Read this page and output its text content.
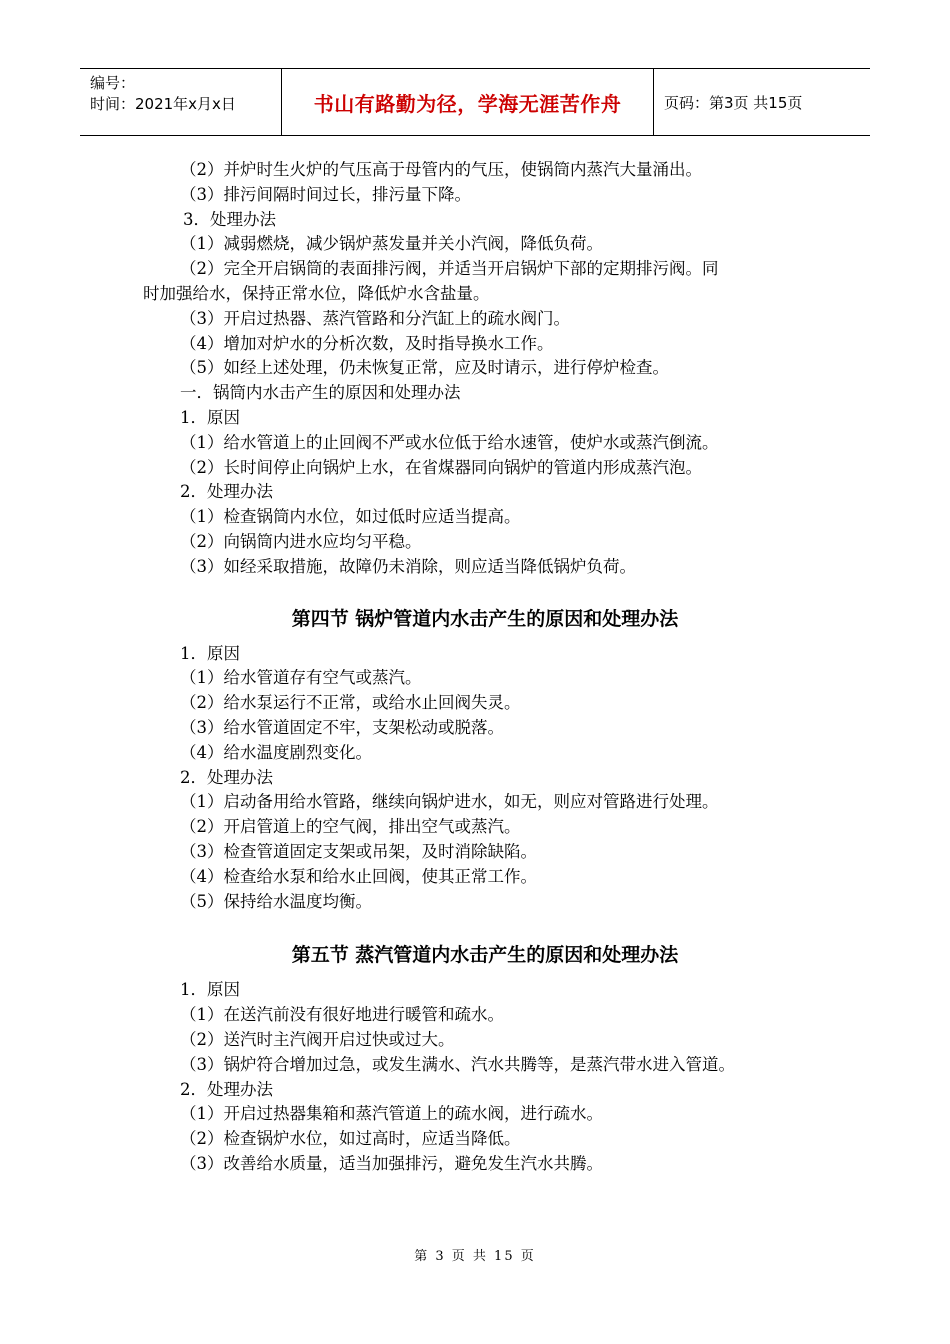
编号：
时间：2021年x月x日	书山有路勤为径，学海无涯苦作舟	页码：第3页 共15页
（2）并炉时生火炉的气压高于母管内的气压，使锅筒内蒸汽大量涌出。
（3）排污间隔时间过长，排污量下降。
3．处理办法
（1）减弱燃烧，减少锅炉蒸发量并关小汽阀，降低负荷。
（2）完全开启锅筒的表面排污阀，并适当开启锅炉下部的定期排污阀。同
时加强给水，保持正常水位，降低炉水含盐量。
（3）开启过热器、蒸汽管路和分汽缸上的疏水阀门。
（4）增加对炉水的分析次数，及时指导换水工作。
（5）如经上述处理，仍未恢复正常，应及时请示，进行停炉检查。
一．锅筒内水击产生的原因和处理办法
1．原因
（1）给水管道上的止回阀不严或水位低于给水速管，使炉水或蒸汽倒流。
（2）长时间停止向锅炉上水，在省煤器同向锅炉的管道内形成蒸汽泡。
2．处理办法
（1）检查锅筒内水位，如过低时应适当提高。
（2）向锅筒内进水应均匀平稳。
（3）如经采取措施，故障仍未消除，则应适当降低锅炉负荷。
第四节 锅炉管道内水击产生的原因和处理办法
1．原因
（1）给水管道存有空气或蒸汽。
（2）给水泵运行不正常，或给水止回阀失灵。
（3）给水管道固定不牢，支架松动或脱落。
（4）给水温度剧烈变化。
2．处理办法
（1）启动备用给水管路，继续向锅炉进水，如无，则应对管路进行处理。
（2）开启管道上的空气阀，排出空气或蒸汽。
（3）检查管道固定支架或吊架，及时消除缺陷。
（4）检查给水泵和给水止回阀，使其正常工作。
（5）保持给水温度均衡。
第五节 蒸汽管道内水击产生的原因和处理办法
1．原因
（1）在送汽前没有很好地进行暖管和疏水。
（2）送汽时主汽阀开启过快或过大。
（3）锅炉符合增加过急，或发生满水、汽水共腾等，是蒸汽带水进入管道。
2．处理办法
（1）开启过热器集箱和蒸汽管道上的疏水阀，进行疏水。
（2）检查锅炉水位，如过高时，应适当降低。
（3）改善给水质量，适当加强排污，避免发生汽水共腾。
第 3 页 共 15 页
